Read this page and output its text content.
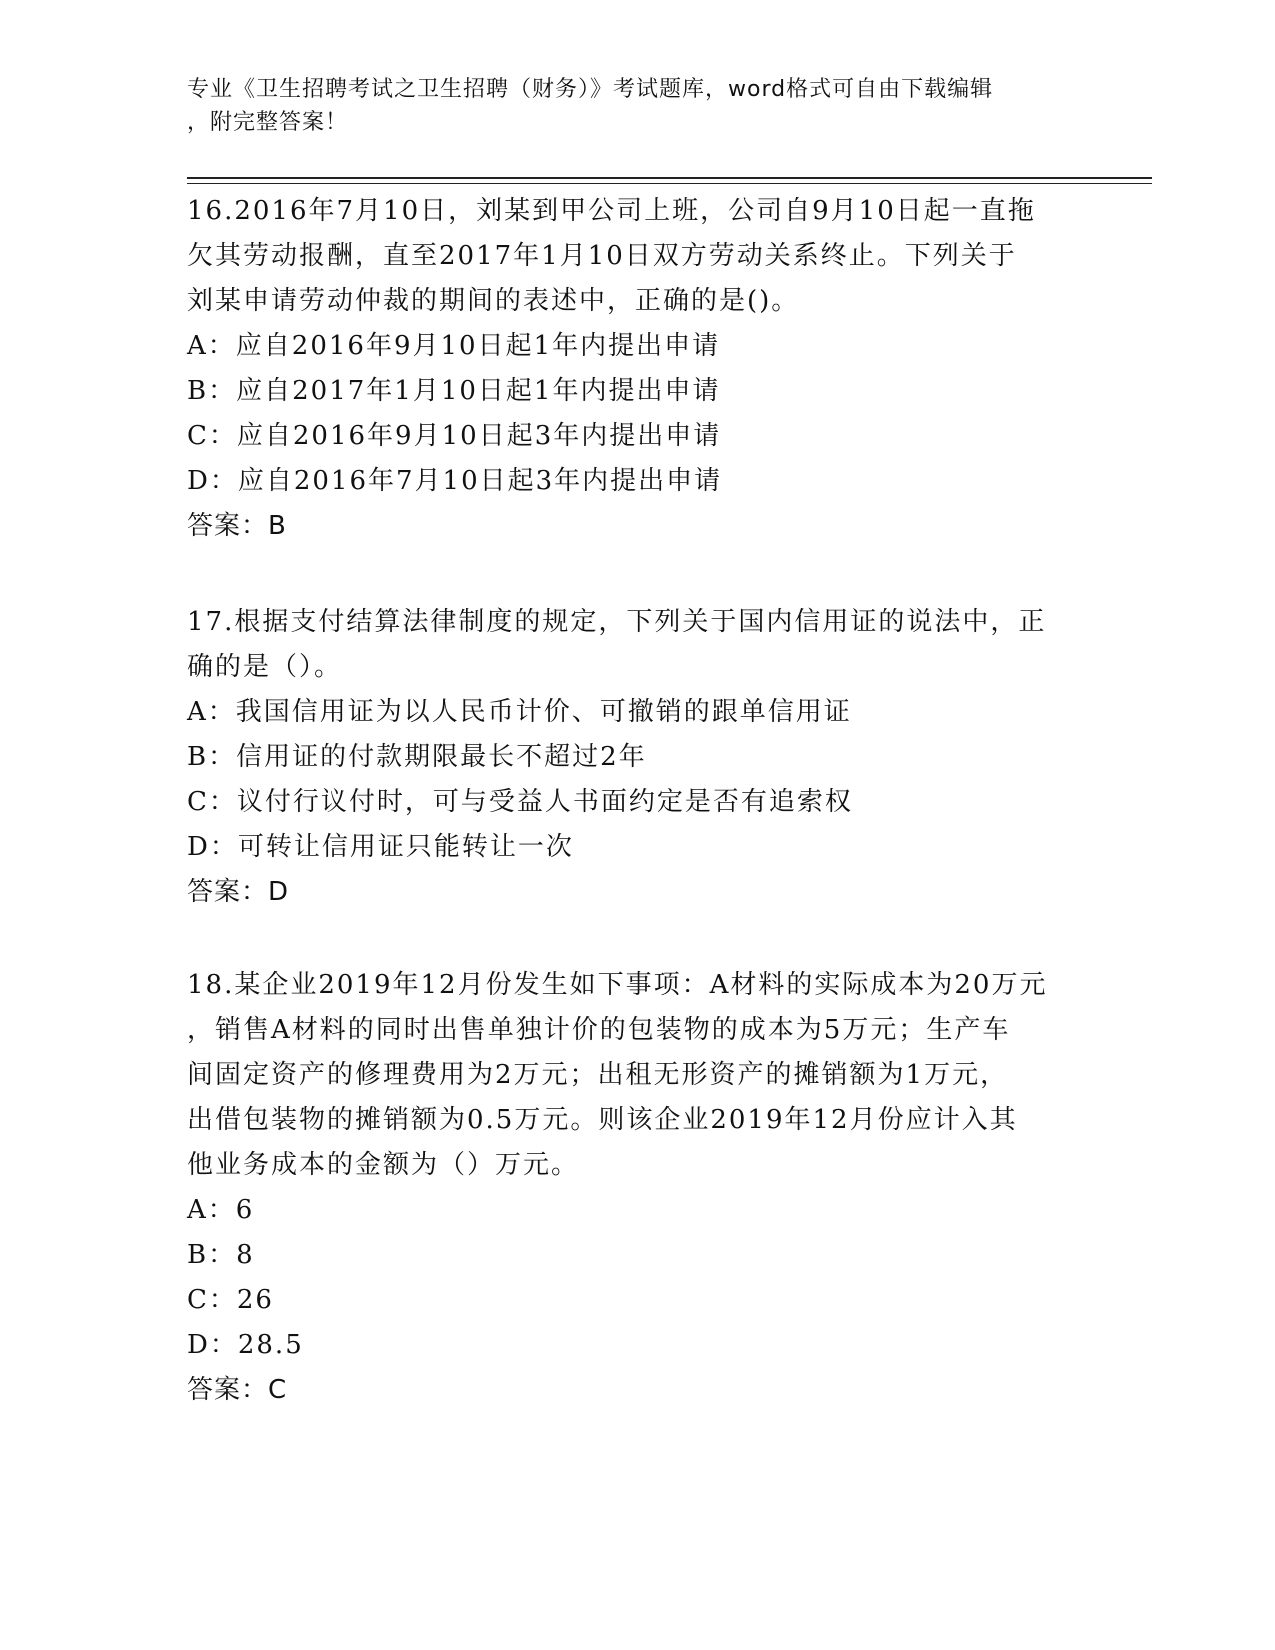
专业《卫生招聘考试之卫生招聘（财务）》考试题库，word格式可自由下载编辑
，附完整答案！
16.2016年7月10日，刘某到甲公司上班，公司自9月10日起一直拖
欠其劳动报酬，直至2017年1月10日双方劳动关系终止。下列关于
刘某申请劳动仲裁的期间的表述中，正确的是()。
A：应自2016年9月10日起1年内提出申请
B：应自2017年1月10日起1年内提出申请
C：应自2016年9月10日起3年内提出申请
D：应自2016年7月10日起3年内提出申请
答案：B
17.根据支付结算法律制度的规定，下列关于国内信用证的说法中，正
确的是（）。
A：我国信用证为以人民币计价、可撤销的跟单信用证
B：信用证的付款期限最长不超过2年
C：议付行议付时，可与受益人书面约定是否有追索权
D：可转让信用证只能转让一次
答案：D
18.某企业2019年12月份发生如下事项：A材料的实际成本为20万元
，销售A材料的同时出售单独计价的包装物的成本为5万元；生产车
间固定资产的修理费用为2万元；出租无形资产的摊销额为1万元，
出借包装物的摊销额为0.5万元。则该企业2019年12月份应计入其
他业务成本的金额为（）万元。
A：6
B：8
C：26
D：28.5
答案：C
